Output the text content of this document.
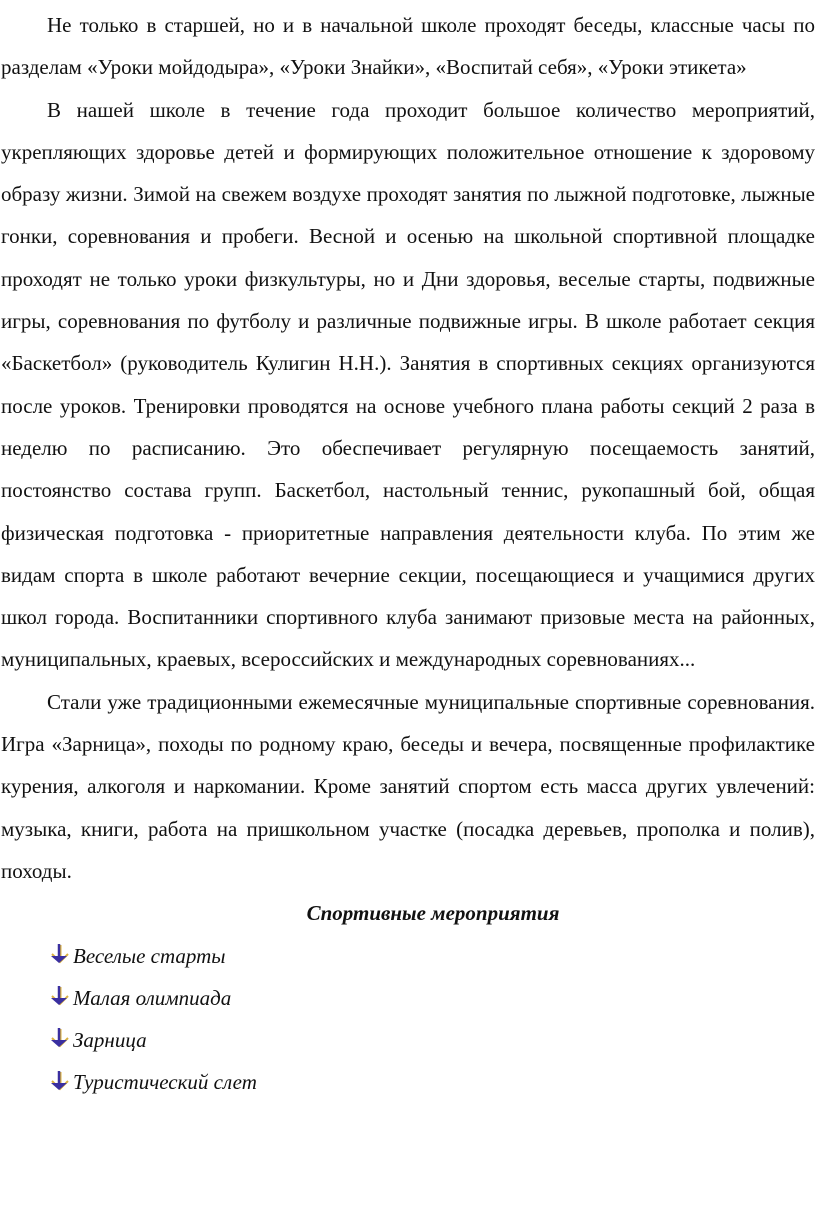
Не только в старшей, но и в начальной школе проходят беседы, классные часы по разделам «Уроки мойдодыра», «Уроки Знайки», «Воспитай себя», «Уроки этикета»

В нашей школе в течение года проходит большое количество мероприятий, укрепляющих здоровье детей и формирующих положительное отношение к здоровому образу жизни. Зимой на свежем воздухе проходят занятия по лыжной подготовке, лыжные гонки, соревнования и пробеги. Весной и осенью на школьной спортивной площадке проходят не только уроки физкультуры, но и Дни здоровья, веселые старты, подвижные игры, соревнования по футболу и различные подвижные игры. В школе работает секция «Баскетбол» (руководитель Кулигин Н.Н.). Занятия в спортивных секциях организуются после уроков. Тренировки проводятся на основе учебного плана работы секций 2 раза в неделю по расписанию. Это обеспечивает регулярную посещаемость занятий, постоянство состава групп. Баскетбол, настольный теннис, рукопашный бой, общая физическая подготовка - приоритетные направления деятельности клуба. По этим же видам спорта в школе работают вечерние секции, посещающиеся и учащимися других школ города. Воспитанники спортивного клуба занимают призовые места на районных, муниципальных, краевых, всероссийских и международных соревнованиях...

Стали уже традиционными ежемесячные муниципальные спортивные соревнования. Игра «Зарница», походы по родному краю, беседы и вечера, посвященные профилактике курения, алкоголя и наркомании. Кроме занятий спортом есть масса других увлечений: музыка, книги, работа на пришкольном участке (посадка деревьев, прополка и полив), походы.

Спортивные мероприятия
Веселые старты
Малая олимпиада
Зарница
Туристический слет
